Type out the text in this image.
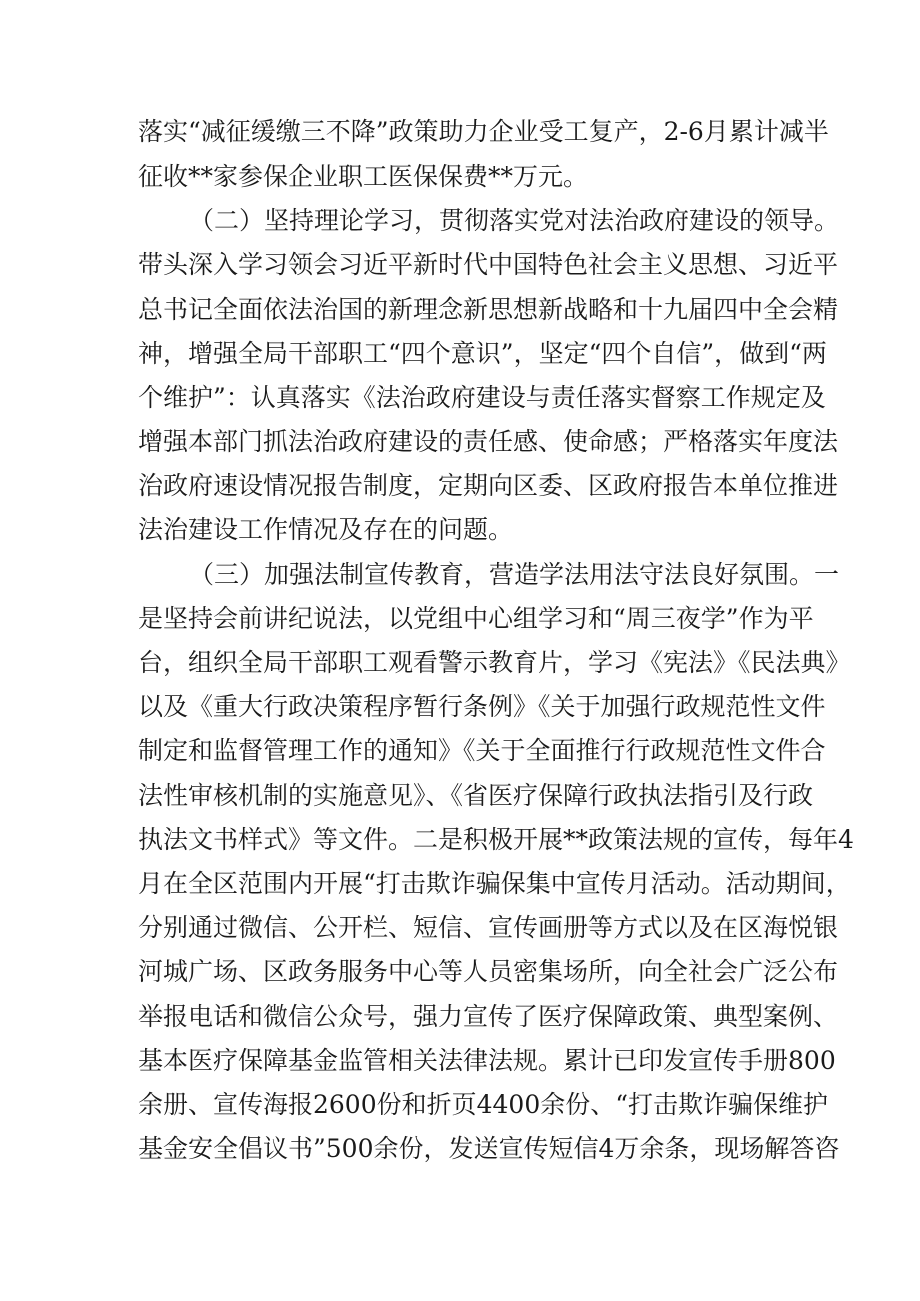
落实“减征缓缴三不降”政策助力企业受工复产，2-6月累计减半
征收**家参保企业职工医保保费**万元。
（二）坚持理论学习，贯彻落实党对法治政府建设的领导。
带头深入学习领会习近平新时代中国特色社会主义思想、习近平
总书记全面依法治国的新理念新思想新战略和十九届四中全会精
神，增强全局干部职工“四个意识”，坚定“四个自信”，做到“两
个维护”：认真落实《法治政府建设与责任落实督察工作规定及
增强本部门抓法治政府建设的责任感、使命感；严格落实年度法
治政府速设情况报告制度，定期向区委、区政府报告本单位推进
法治建设工作情况及存在的问题。
（三）加强法制宣传教育，营造学法用法守法良好氛围。一
是坚持会前讲纪说法，以党组中心组学习和“周三夜学”作为平
台，组织全局干部职工观看警示教育片，学习《宪法》《民法典》
以及《重大行政决策程序暂行条例》《关于加强行政规范性文件
制定和监督管理工作的通知》《关于全面推行行政规范性文件合
法性审核机制的实施意见》、《省医疗保障行政执法指引及行政
执法文书样式》等文件。二是积极开展**政策法规的宣传，每年4
月在全区范围内开展“打击欺诈骗保集中宣传月活动。活动期间，
分别通过微信、公开栏、短信、宣传画册等方式以及在区海悦银
河城广场、区政务服务中心等人员密集场所，向全社会广泛公布
举报电话和微信公众号，强力宣传了医疗保障政策、典型案例、
基本医疗保障基金监管相关法律法规。累计已印发宣传手册800
余册、宣传海报2600份和折页4400余份、“打击欺诈骗保维护
基金安全倡议书”500余份，发送宣传短信4万余条，现场解答咨
